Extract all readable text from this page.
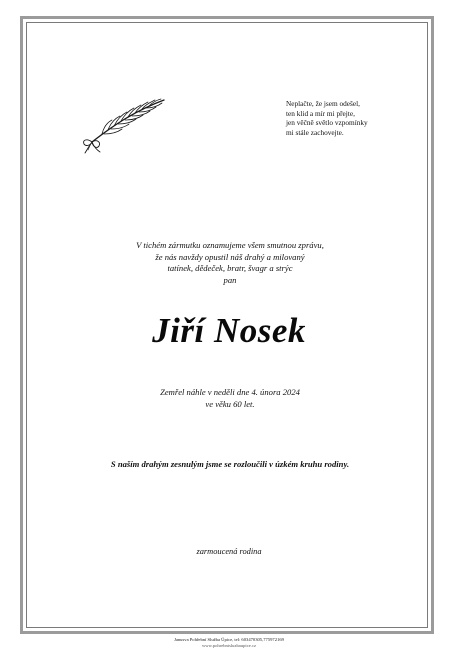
Neplačte, že jsem odešel,
ten klid a mír mi přejte,
jen věčně světlo vzpomínky
mi stále zachovejte.
V tichém zármutku oznamujeme všem smutnou zprávu,
že nás navždy opustil náš drahý a milovaný
tatínek, dědeček, bratr, švagr a strýc
pan
Jiří Nosek
Zemřel náhle v neděli dne 4. února 2024
ve věku 60 let.
S naším drahým zesnulým jsme se rozloučili v úzkém kruhu rodiny.
zarmoucená rodina
Janusva Pohřební Služba Úpice, tel: 603470305,775972169
www.pohrebnisluzbaupice.cz
